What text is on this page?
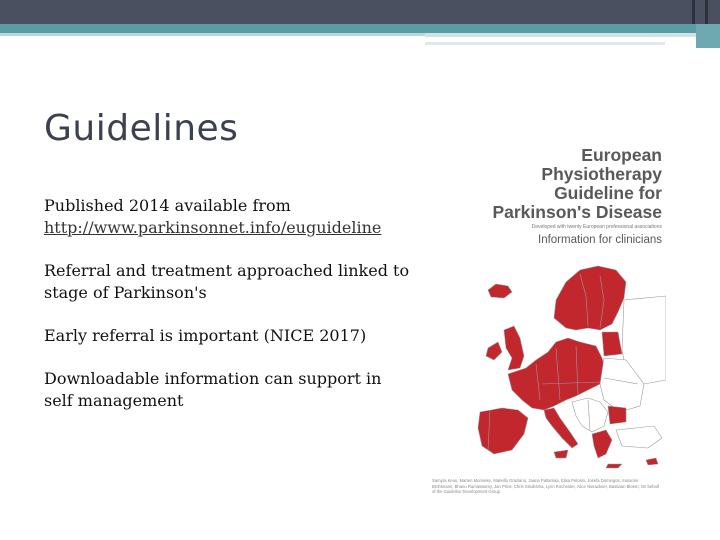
Guidelines

Published 2014 available from
http://www.parkinsonnet.info/euguideline

Referral and treatment approached linked to stage of Parkinson's

Early referral is important (NICE 2017)

Downloadable information can support in self management

European
Physiotherapy
Guideline for
Parkinson's Disease
Developed with twenty European professional associations
Information for clinicians
Samyra Keus, Marten Munneke, Mariella Graziano, Jaana Paltamaa, Elisa Pelosin, Josefa Domingos, Susanne Brühlmann, Bhanu Ramaswamy, Jan Prins, Chris Struiksma, Lynn Rochester, Alice Nieuwboer, Bastiaan Bloem; On behalf of the Guideline Development Group
